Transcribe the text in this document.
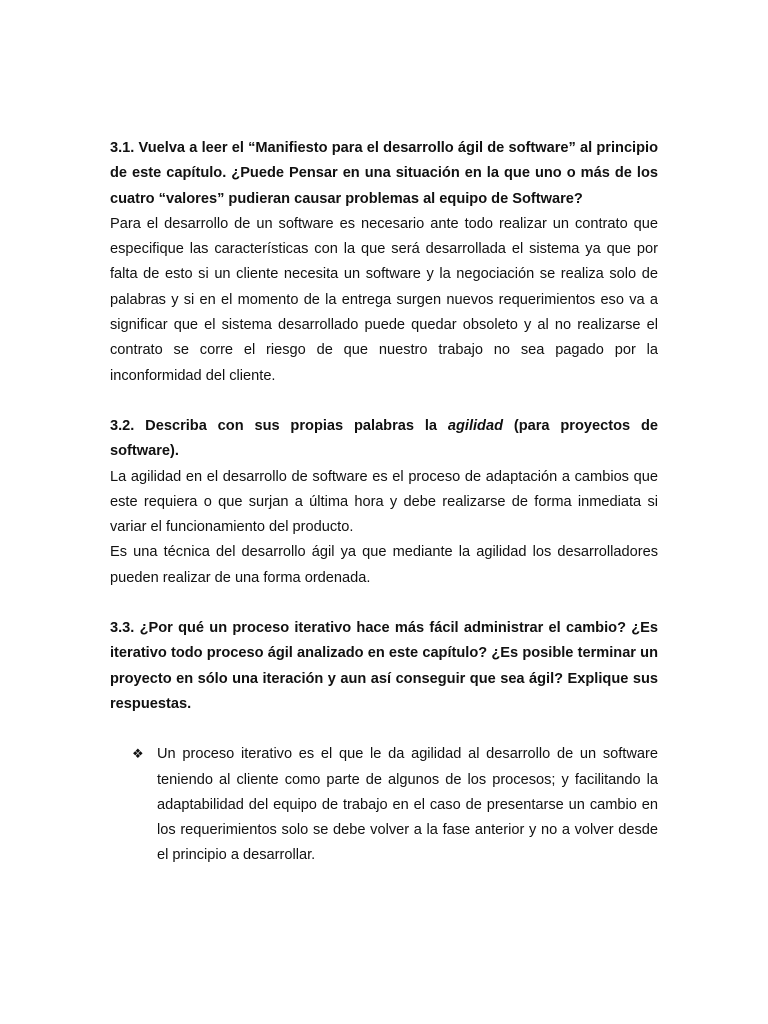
3.1. Vuelva a leer el “Manifiesto para el desarrollo ágil de software” al principio de este capítulo. ¿Puede Pensar en una situación en la que uno o más de los cuatro “valores” pudieran causar problemas al equipo de Software?
Para el desarrollo de un software es necesario ante todo realizar un contrato que especifique las características con la que será desarrollada el sistema ya que por falta de esto si un cliente necesita un software y la negociación se realiza solo de palabras y si en el momento de la entrega surgen nuevos requerimientos eso va a significar que el sistema desarrollado puede quedar obsoleto y al no realizarse el contrato se corre el riesgo de que nuestro trabajo no sea pagado por la inconformidad del cliente.
3.2. Describa con sus propias palabras la agilidad (para proyectos de software).
La agilidad en el desarrollo de software es el proceso de adaptación a cambios que este requiera o que surjan a última hora y debe realizarse de forma inmediata si variar el funcionamiento del producto.
Es una técnica del desarrollo ágil ya que mediante la agilidad los desarrolladores pueden realizar de una forma ordenada.
3.3. ¿Por qué un proceso iterativo hace más fácil administrar el cambio? ¿Es iterativo todo proceso ágil analizado en este capítulo? ¿Es posible terminar un proyecto en sólo una iteración y aun así conseguir que sea ágil? Explique sus respuestas.
❖ Un proceso iterativo es el que le da agilidad al desarrollo de un software teniendo al cliente como parte de algunos de los procesos; y facilitando la adaptabilidad del equipo de trabajo en el caso de presentarse un cambio en los requerimientos solo se debe volver a la fase anterior y no a volver desde el principio a desarrollar.
